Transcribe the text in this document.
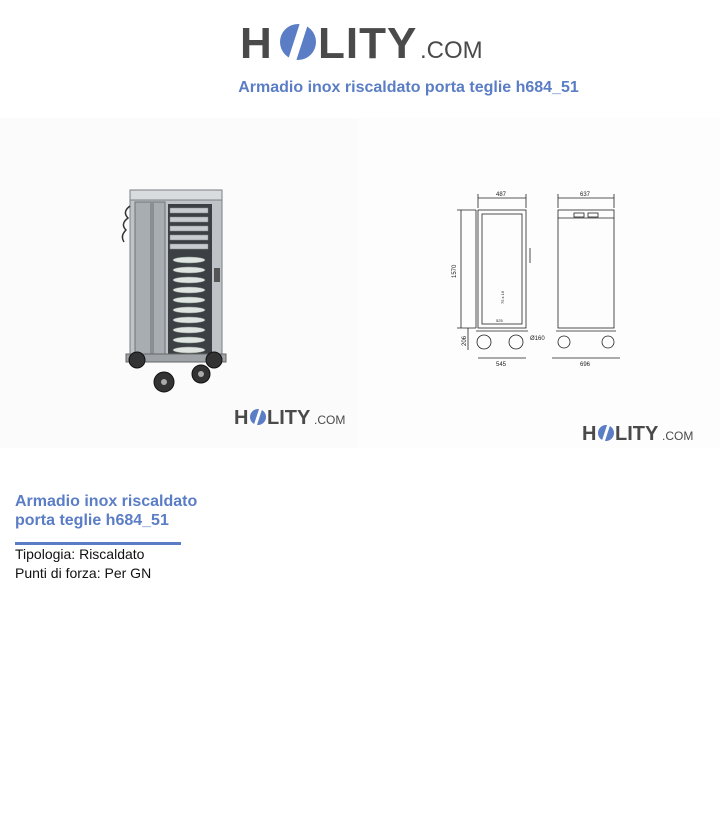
H LITY .COM
Armadio inox riscaldato porta teglie h684_51
H LITY .COM
487	637
1570
206	Ø160
545	696
525
75 x 16
H LITY .COM
Armadio inox riscaldato
porta teglie h684_51
Tipologia: Riscaldato
Punti di forza: Per GN
